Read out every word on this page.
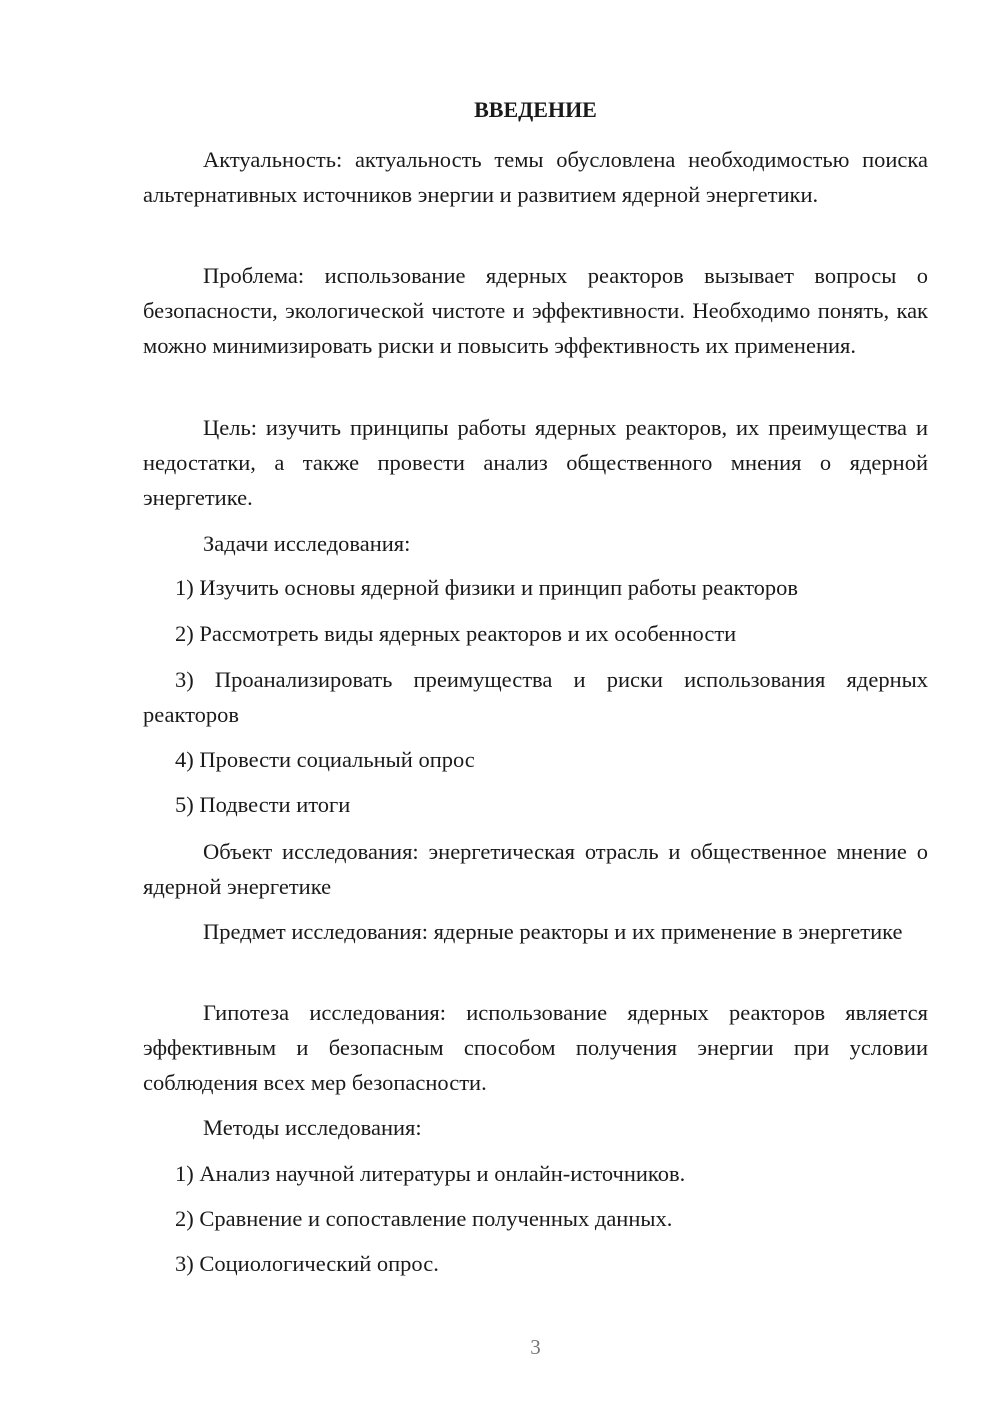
ВВЕДЕНИЕ

Актуальность: актуальность темы обусловлена необходимостью поиска альтернативных источников энергии и развитием ядерной энергетики.

Проблема: использование ядерных реакторов вызывает вопросы о безопасности, экологической чистоте и эффективности. Необходимо понять, как можно минимизировать риски и повысить эффективность их применения.

Цель: изучить принципы работы ядерных реакторов, их преимущества и недостатки, а также провести анализ общественного мнения о ядерной энергетике.

Задачи исследования:

1) Изучить основы ядерной физики и принцип работы реакторов

2) Рассмотреть виды ядерных реакторов и их особенности

3) Проанализировать преимущества и риски использования ядерных реакторов

4) Провести социальный опрос

5) Подвести итоги

Объект исследования: энергетическая отрасль и общественное мнение о ядерной энергетике

Предмет исследования: ядерные реакторы и их применение в энергетике

Гипотеза исследования: использование ядерных реакторов является эффективным и безопасным способом получения энергии при условии соблюдения всех мер безопасности.

Методы исследования:

1) Анализ научной литературы и онлайн-источников.

2) Сравнение и сопоставление полученных данных.

3) Социологический опрос.

3
